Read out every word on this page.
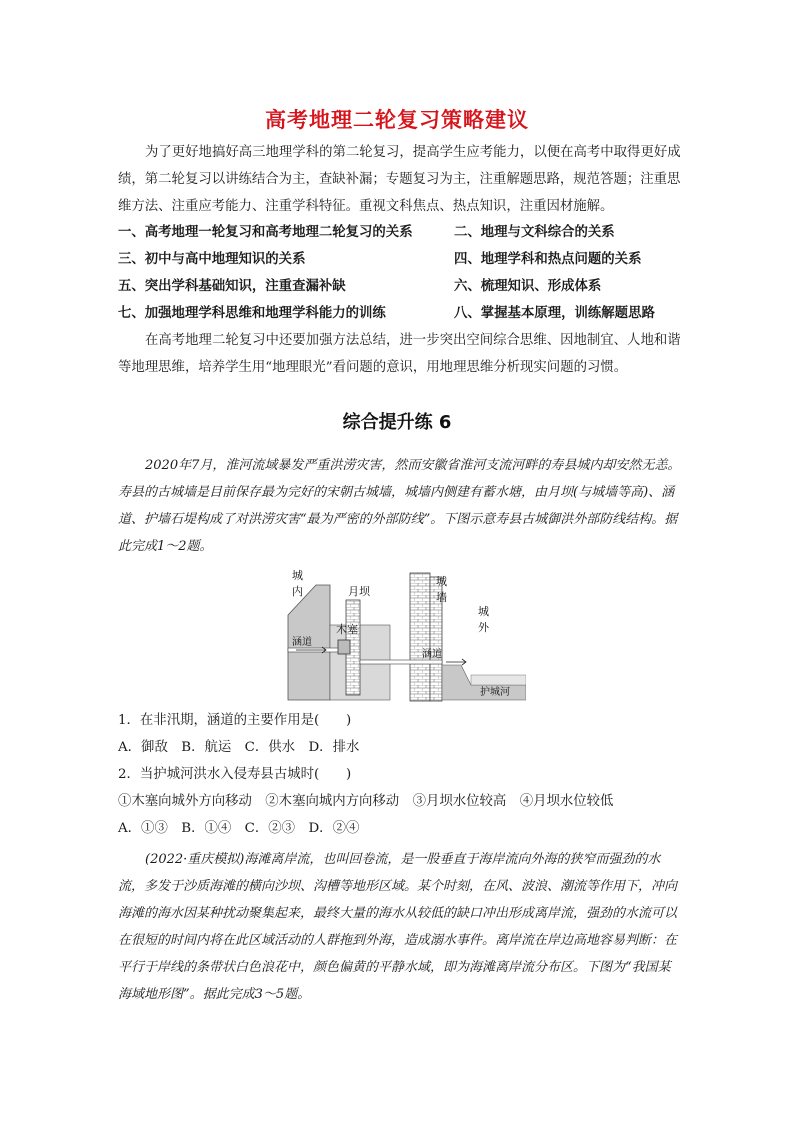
高考地理二轮复习策略建议
为了更好地搞好高三地理学科的第二轮复习，提高学生应考能力，以便在高考中取得更好成绩，第二轮复习以讲练结合为主，查缺补漏；专题复习为主，注重解题思路，规范答题；注重思维方法、注重应考能力、注重学科特征。重视文科焦点、热点知识，注重因材施解。
一、高考地理一轮复习和高考地理二轮复习的关系	二、地理与文科综合的关系
三、初中与高中地理知识的关系	四、地理学科和热点问题的关系
五、突出学科基础知识，注重查漏补缺	六、梳理知识、形成体系
七、加强地理学科思维和地理学科能力的训练	八、掌握基本原理，训练解题思路
在高考地理二轮复习中还要加强方法总结，进一步突出空间综合思维、因地制宜、人地和谐等地理思维，培养学生用“地理眼光”看问题的意识，用地理思维分析现实问题的习惯。
综合提升练 6
2020年7月，淮河流域暴发严重洪涝灾害，然而安徽省淮河支流河畔的寿县城内却安然无恙。寿县的古城墙是目前保存最为完好的宋朝古城墙，城墙内侧建有蓄水塘，由月坝(与城墙等高)、涵道、护墙石堤构成了对洪涝灾害“最为严密的外部防线”。下图示意寿县古城御洪外部防线结构。据此完成1～2题。
城
内	月坝
城
墙
城
外
木塞
涵道
涵道
护城河
1．在非汛期，涵道的主要作用是(　　)
A．御敌　B．航运　C．供水　D．排水
2．当护城河洪水入侵寿县古城时(　　)
①木塞向城外方向移动　②木塞向城内方向移动　③月坝水位较高　④月坝水位较低
A．①③　B．①④　C．②③　D．②④
(2022·重庆模拟)海滩离岸流，也叫回卷流，是一股垂直于海岸流向外海的狭窄而强劲的水流，多发于沙质海滩的横向沙坝、沟槽等地形区域。某个时刻，在风、波浪、潮流等作用下，冲向海滩的海水因某种扰动聚集起来，最终大量的海水从较低的缺口冲出形成离岸流，强劲的水流可以在很短的时间内将在此区域活动的人群拖到外海，造成溺水事件。离岸流在岸边高地容易判断：在平行于岸线的条带状白色浪花中，颜色偏黄的平静水域，即为海滩离岸流分布区。下图为“我国某海域地形图”。据此完成3～5题。
